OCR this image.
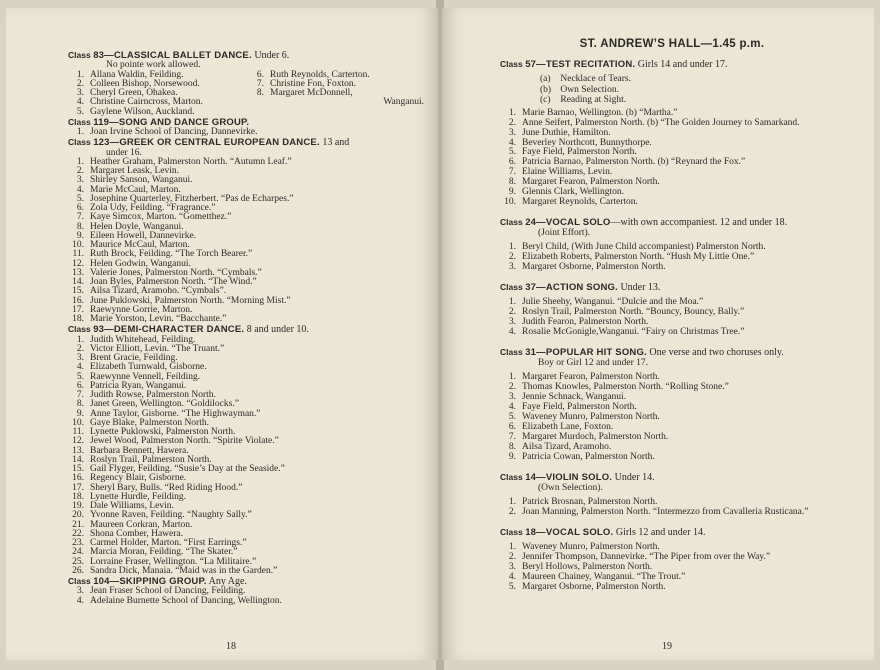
Class 83—CLASSICAL BALLET DANCE. Under 6.
No pointe work allowed.
1. Allana Waldin, Feilding.
2. Colleen Bishop, Norsewood.
3. Cheryl Green, Ohakea.
4. Christine Cairncross, Marton.
5. Gaylene Wilson, Auckland.
6. Ruth Reynolds, Carterton.
7. Christine Fon, Foxton.
8. Margaret McDonnell,
Wanganui.
Class 119—SONG AND DANCE GROUP.
1. Joan Irvine School of Dancing, Dannevirke.
Class 123—GREEK OR CENTRAL EUROPEAN DANCE. 13 and
under 16.
1. Heather Graham, Palmerston North. “Autumn Leaf.”
2. Margaret Leask, Levin.
3. Shirley Sanson, Wanganui.
4. Marie McCaul, Marton.
5. Josephine Quarterley, Fitzherbert. “Pas de Echarpes.”
6. Zola Udy, Feilding. “Fragrance.”
7. Kaye Simcox, Marton. “Gometthez.”
8. Helen Doyle, Wanganui.
9. Eileen Howell, Dannevirke.
10. Maurice McCaul, Marton.
11. Ruth Brock, Feilding. “The Torch Bearer.”
12. Helen Godwin, Wanganui.
13. Valerie Jones, Palmerston North. “Cymbals.”
14. Joan Byles, Palmerston North. “The Wind.”
15. Ailsa Tizard, Aramoho. “Cymbals”.
16. June Puklowski, Palmerston North. “Morning Mist.”
17. Raewynne Gorrie, Marton.
18. Marie Yorston, Levin. “Bacchante.”
Class 93—DEMI-CHARACTER DANCE. 8 and under 10.
1. Judith Whitehead, Feilding.
2. Victor Elliott, Levin. “The Truant.”
3. Brent Gracie, Feilding.
4. Elizabeth Turnwald, Gisborne.
5. Raewynne Vennell, Feilding.
6. Patricia Ryan, Wanganui.
7. Judith Rowse, Palmerston North.
8. Janet Green, Wellington. “Goldilocks.”
9. Anne Taylor, Gisborne. “The Highwayman.”
10. Gaye Blake, Palmerston North.
11. Lynette Puklowski, Palmerston North.
12. Jewel Wood, Palmerston North. “Spirite Violate.”
13. Barbara Bennett, Hawera.
14. Roslyn Trail, Palmerston North.
15. Gail Flyger, Feilding. “Susie’s Day at the Seaside.”
16. Regency Blair, Gisborne.
17. Sheryl Bary, Bulls. “Red Riding Hood.”
18. Lynette Hurdle, Feilding.
19. Dale Williams, Levin.
20. Yvonne Raven, Feilding. “Naughty Sally.”
21. Maureen Corkran, Marton.
22. Shona Comber, Hawera.
23. Carmel Holder, Marton. “First Earrings.”
24. Marcia Moran, Feilding. “The Skater.”
25. Lorraine Fraser, Wellington. “La Militaire.”
26. Sandra Dick, Manaia. “Maid was in the Garden.”
Class 104—SKIPPING GROUP. Any Age.
3. Jean Fraser School of Dancing, Feilding.
4. Adelaine Burnette School of Dancing, Wellington.
18
ST. ANDREW’S HALL—1.45 p.m.
Class 57—TEST RECITATION. Girls 14 and under 17.
(a) Necklace of Tears.
(b) Own Selection.
(c) Reading at Sight.
1. Marie Barnao, Wellington. (b) “Martha.”
2. Anne Seifert, Palmerston North. (b) “The Golden Journey to Samarkand.
3. June Duthie, Hamilton.
4. Beverley Northcott, Bunnythorpe.
5. Faye Field, Palmerston North.
6. Patricia Barnao, Palmerston North. (b) “Reynard the Fox.”
7. Elaine Williams, Levin.
8. Margaret Fearon, Palmerston North.
9. Glennis Clark, Wellington.
10. Margaret Reynolds, Carterton.
Class 24—VOCAL SOLO—with own accompaniest. 12 and under 18.
(Joint Effort).
1. Beryl Child, (With June Child accompaniest) Palmerston North.
2. Elizabeth Roberts, Palmerston North. “Hush My Little One.”
3. Margaret Osborne, Palmerston North.
Class 37—ACTION SONG. Under 13.
1. Julie Sheehy, Wanganui. “Dulcie and the Moa.”
2. Roslyn Trail, Palmerston North. “Bouncy, Bouncy, Bally.”
3. Judith Fearon, Palmerston North.
4. Rosalie McGonigle,Wanganui. “Fairy on Christmas Tree.”
Class 31—POPULAR HIT SONG. One verse and two choruses only.
Boy or Girl 12 and under 17.
1. Margaret Fearon, Palmerston North.
2. Thomas Knowles, Palmerston North. “Rolling Stone.”
3. Jennie Schnack, Wanganui.
4. Faye Field, Palmerston North.
5. Waveney Munro, Palmerston North.
6. Elizabeth Lane, Foxton.
7. Margaret Murdoch, Palmerston North.
8. Ailsa Tizard, Aramoho.
9. Patricia Cowan, Palmerston North.
Class 14—VIOLIN SOLO. Under 14.
(Own Selection).
1. Patrick Brosnan, Palmerston North.
2. Joan Manning, Palmerston North. “Intermezzo from Cavalleria Rusticana.”
Class 18—VOCAL SOLO. Girls 12 and under 14.
1. Waveney Munro, Palmerston North.
2. Jennifer Thompson, Dannevirke. “The Piper from over the Way.”
3. Beryl Hollows, Palmerston North.
4. Maureen Chainey, Wanganui. “The Trout.”
5. Margaret Osborne, Palmerston North.
19
